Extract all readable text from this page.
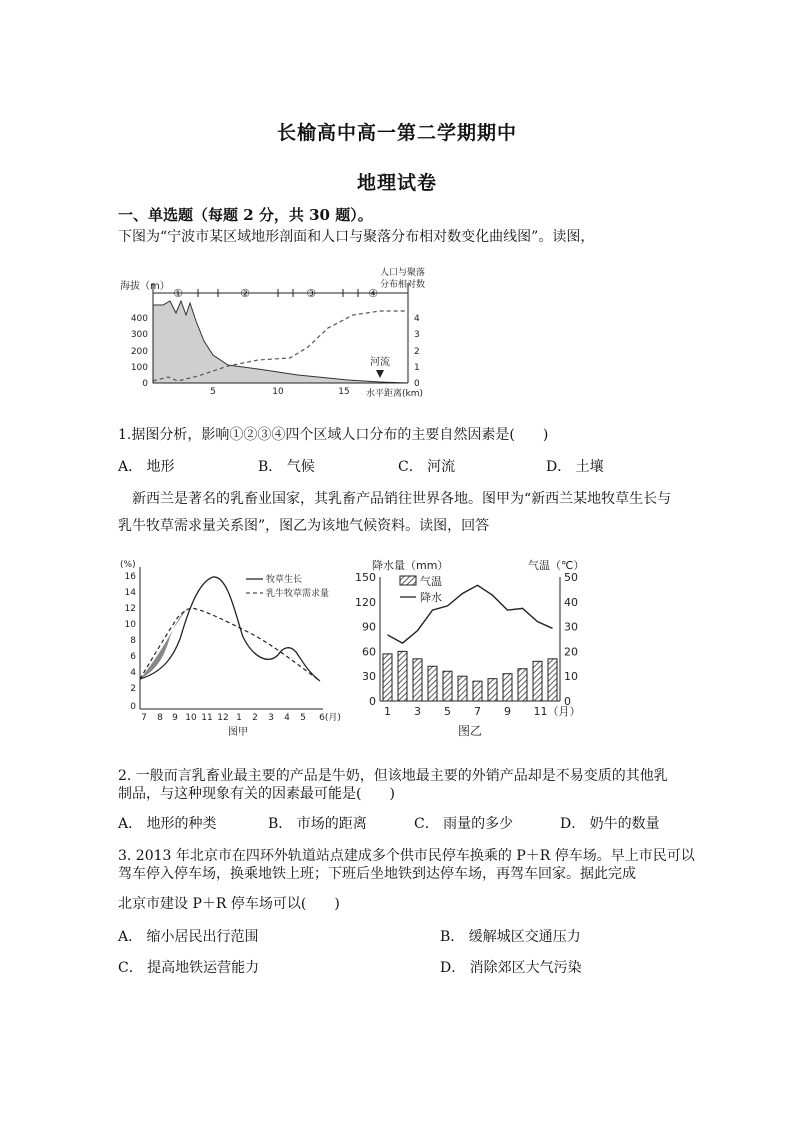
长榆高中高一第二学期期中
地理试卷
一、单选题（每题 2 分，共 30 题）。
下图为“宁波市某区域地形剖面和人口与聚落分布相对数变化曲线图”。读图，
①	②	③	④
海拔（m）
人口与聚落
分布相对数
400
300
200
100
0
4
3
2
1
0
5	10	15 水平距离(km)
河流
1.据图分析，影响①②③④四个区域人口分布的主要自然因素是(　　)
A． 地形	B． 气候	C． 河流	D． 土壤
　新西兰是著名的乳畜业国家，其乳畜产品销往世界各地。图甲为“新西兰某地牧草生长与
乳牛牧草需求量关系图”，图乙为该地气候资料。读图，回答
(%)
16
14
12
10
8
6
4
2
0
7 8 9 10 11 12 1 2 3 4 5 6(月)
牧草生长
乳牛牧草需求量
图甲
降水量（mm）	气温（℃）
150
120
90
60
30
0
50
40
30
20
10
0
1 3 5 7 9 11（月）
气温
降水
图乙
2. 一般而言乳畜业最主要的产品是牛奶，但该地最主要的外销产品却是不易变质的其他乳
制品，与这种现象有关的因素最可能是(　　)
A． 地形的种类	B． 市场的距离	C． 雨量的多少	D． 奶牛的数量
3. 2013 年北京市在四环外轨道站点建成多个供市民停车换乘的 P＋R 停车场。早上市民可以
驾车停入停车场，换乘地铁上班；下班后坐地铁到达停车场，再驾车回家。据此完成
北京市建设 P＋R 停车场可以(　　)
A． 缩小居民出行范围	B． 缓解城区交通压力
C． 提高地铁运营能力	D． 消除郊区大气污染
